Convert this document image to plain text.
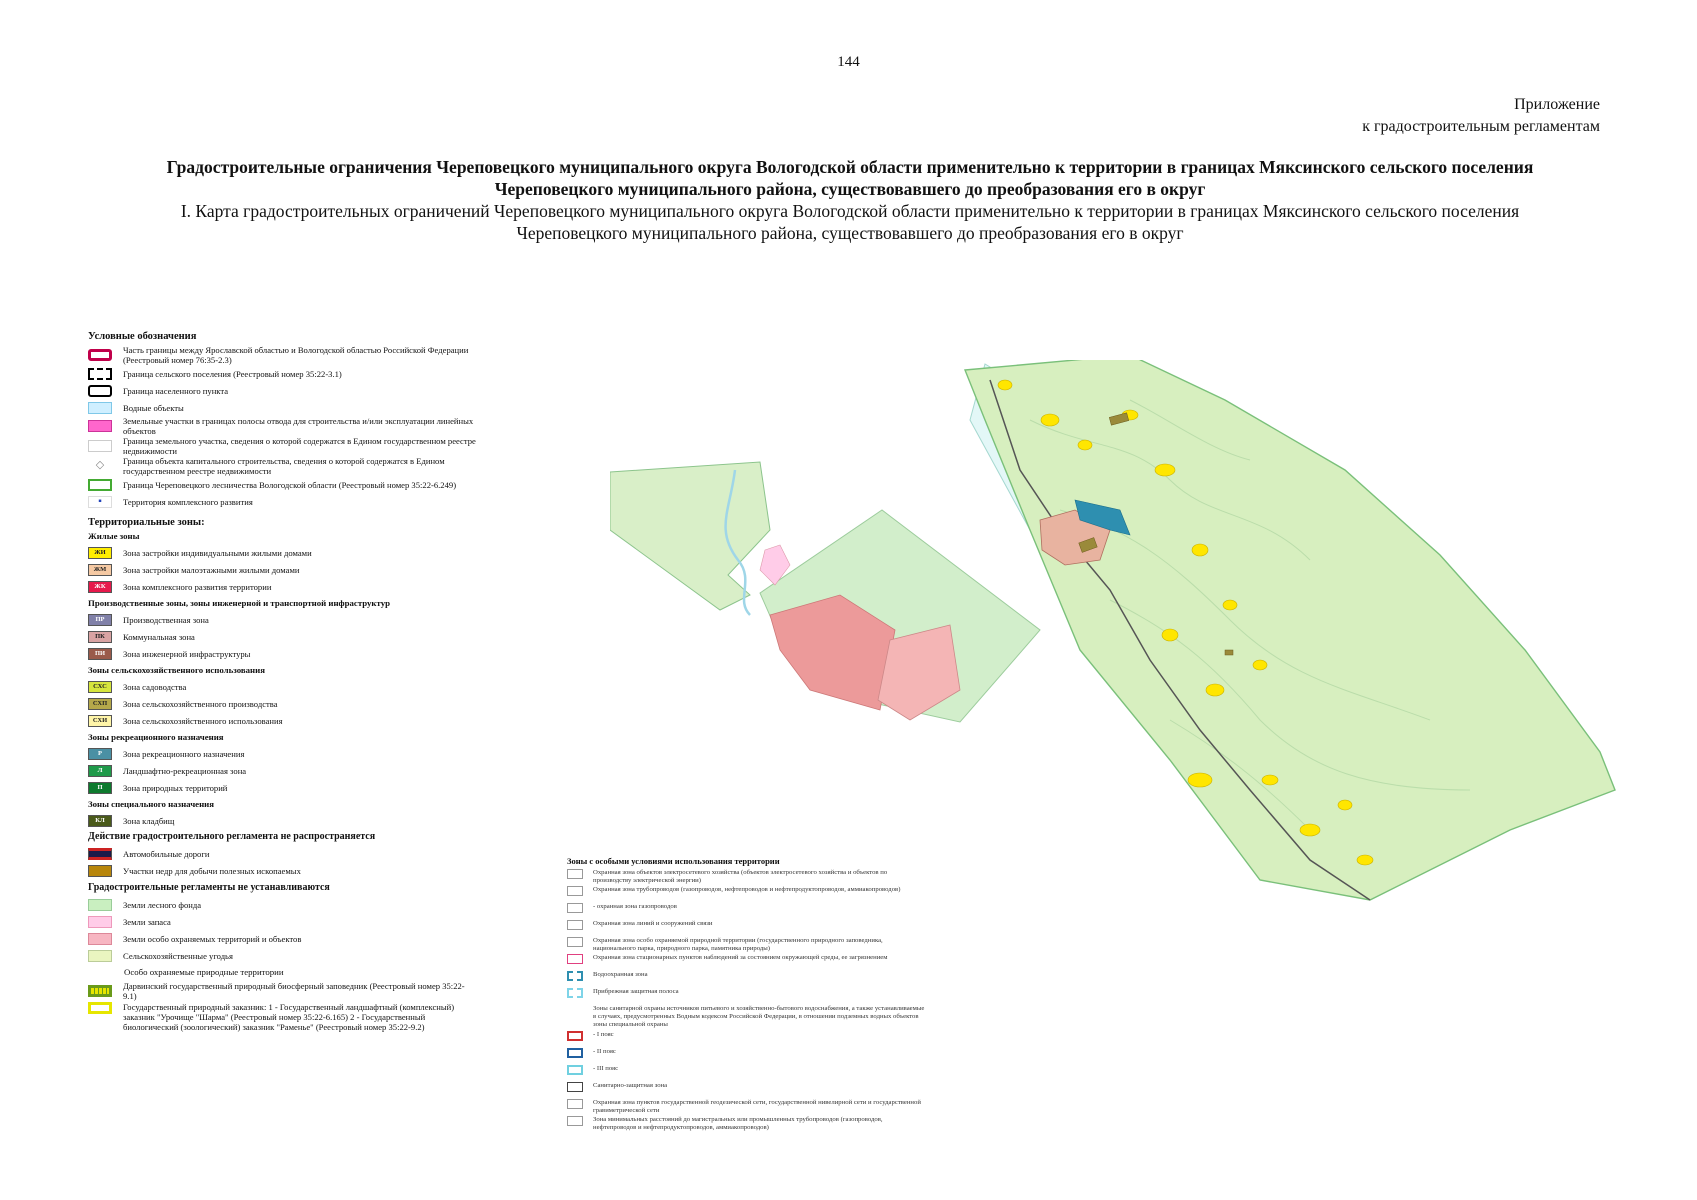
144
Приложение
к градостроительным регламентам
Градостроительные ограничения Череповецкого муниципального округа Вологодской области применительно к территории в границах Мяксинского сельского поселения
Череповецкого муниципального района, существовавшего до преобразования его в округ
I. Карта градостроительных ограничений Череповецкого муниципального округа Вологодской области применительно к территории в границах Мяксинского сельского поселения
Череповецкого муниципального района, существовавшего до преобразования его в округ
Условные обозначения
Часть границы между Ярославской областью и Вологодской областью Российской Федерации (Реестровый номер 76:35-2.3)
Граница сельского поселения (Реестровый номер 35:22-3.1)
Граница населенного пункта
Водные объекты
Земельные участки в границах полосы отвода для строительства и/или эксплуатации линейных объектов
Граница земельного участка, сведения о которой содержатся в Едином государственном реестре недвижимости
◇	Граница объекта капитального строительства, сведения о которой содержатся в Едином государственном реестре недвижимости
Граница Череповецкого лесничества Вологодской области (Реестровый номер 35:22-6.249)
▪	Территория комплексного развития
Территориальные зоны:
Жилые зоны
ЖИ	Зона застройки индивидуальными жилыми домами
ЖМ	Зона застройки малоэтажными жилыми домами
ЖК	Зона комплексного развития территории
Производственные зоны, зоны инженерной и транспортной инфраструктур
ПР	Производственная зона
ПК	Коммунальная зона
ПИ	Зона инженерной инфраструктуры
Зоны сельскохозяйственного использования
СХС	Зона садоводства
СХП	Зона сельскохозяйственного производства
СХИ	Зона сельскохозяйственного использования
Зоны рекреационного назначения
Р	Зона рекреационного назначения
Л	Ландшафтно-рекреационная зона
П	Зона природных территорий
Зоны специального назначения
КЛ	Зона кладбищ
Действие градостроительного регламента не распространяется
Автомобильные дороги
Участки недр для добычи полезных ископаемых
Градостроительные регламенты не устанавливаются
Земли лесного фонда
Земли запаса
Земли особо охраняемых территорий и объектов
Сельскохозяйственные угодья
Особо охраняемые природные территории
Дарвинский государственный природный биосферный заповедник (Реестровый номер 35:22-9.1)
Государственный природный заказник: 1 - Государственный ландшафтный (комплексный) заказник "Урочище "Шарма" (Реестровый номер 35:22-6.165) 2 - Государственный биологический (зоологический) заказник "Раменье" (Реестровый номер 35:22-9.2)
Зоны с особыми условиями использования территории
Охранная зона объектов электросетевого хозяйства (объектов электросетевого хозяйства и объектов по производству электрической энергии)
Охранная зона трубопроводов (газопроводов, нефтепроводов и нефтепродуктопроводов, аммиакопроводов)
- охранная зона газопроводов
Охранная зона линий и сооружений связи
Охранная зона особо охраняемой природной территории (государственного природного заповедника, национального парка, природного парка, памятника природы)
Охранная зона стационарных пунктов наблюдений за состоянием окружающей среды, ее загрязнением
Водоохранная зона
Прибрежная защитная полоса
Зоны санитарной охраны источников питьевого и хозяйственно-бытового водоснабжения, а также устанавливаемые в случаях, предусмотренных Водным кодексом Российской Федерации, в отношении подземных водных объектов зоны специальной охраны
- I пояс
- II пояс
- III пояс
Санитарно-защитная зона
Охранная зона пунктов государственной геодезической сети, государственной нивелирной сети и государственной гравиметрической сети
Зона минимальных расстояний до магистральных или промышленных трубопроводов (газопроводов, нефтепроводов и нефтепродуктопроводов, аммиакопроводов)
